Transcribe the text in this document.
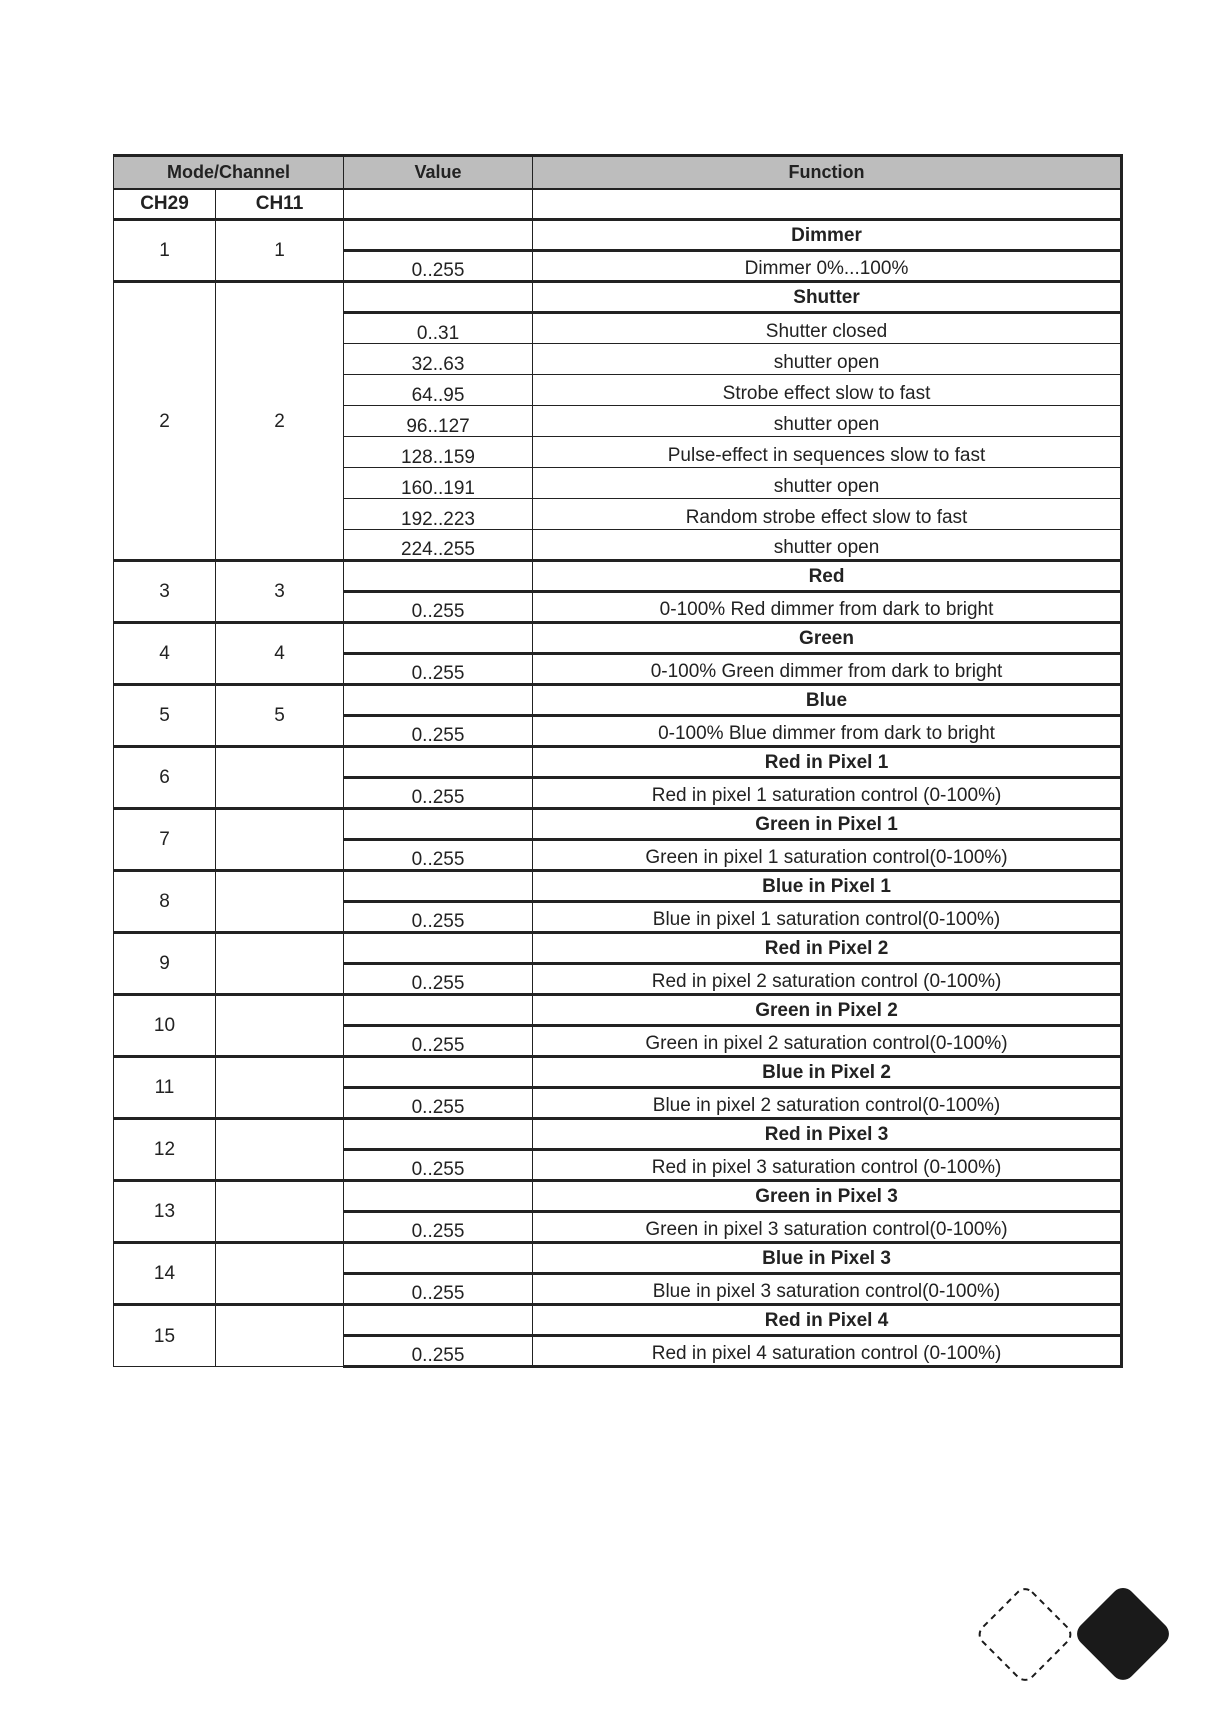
Mode/Channel		Value	Function
CH29	CH11		
1	1		Dimmer
		0..255	Dimmer 0%...100%
2	2		Shutter
		0..31	Shutter closed
		32..63	shutter open
		64..95	Strobe effect slow to fast
		96..127	shutter open
		128..159	Pulse-effect in sequences slow to fast
		160..191	shutter open
		192..223	Random strobe effect slow to fast
		224..255	shutter open
3	3		Red
		0..255	0-100% Red dimmer from dark to bright
4	4		Green
		0..255	0-100% Green dimmer from dark to bright
5	5		Blue
		0..255	0-100% Blue dimmer from dark to bright
6			Red in Pixel 1
		0..255	Red in pixel 1 saturation control (0-100%)
7			Green in Pixel 1
		0..255	Green in pixel 1 saturation control(0-100%)
8			Blue in Pixel 1
		0..255	Blue in pixel 1 saturation control(0-100%)
9			Red in Pixel 2
		0..255	Red in pixel 2 saturation control (0-100%)
10			Green in Pixel 2
		0..255	Green in pixel 2 saturation control(0-100%)
11			Blue in Pixel 2
		0..255	Blue in pixel 2 saturation control(0-100%)
12			Red in Pixel 3
		0..255	Red in pixel 3 saturation control (0-100%)
13			Green in Pixel 3
		0..255	Green in pixel 3 saturation control(0-100%)
14			Blue in Pixel 3
		0..255	Blue in pixel 3 saturation control(0-100%)
15			Red in Pixel 4
		0..255	Red in pixel 4 saturation control (0-100%)
